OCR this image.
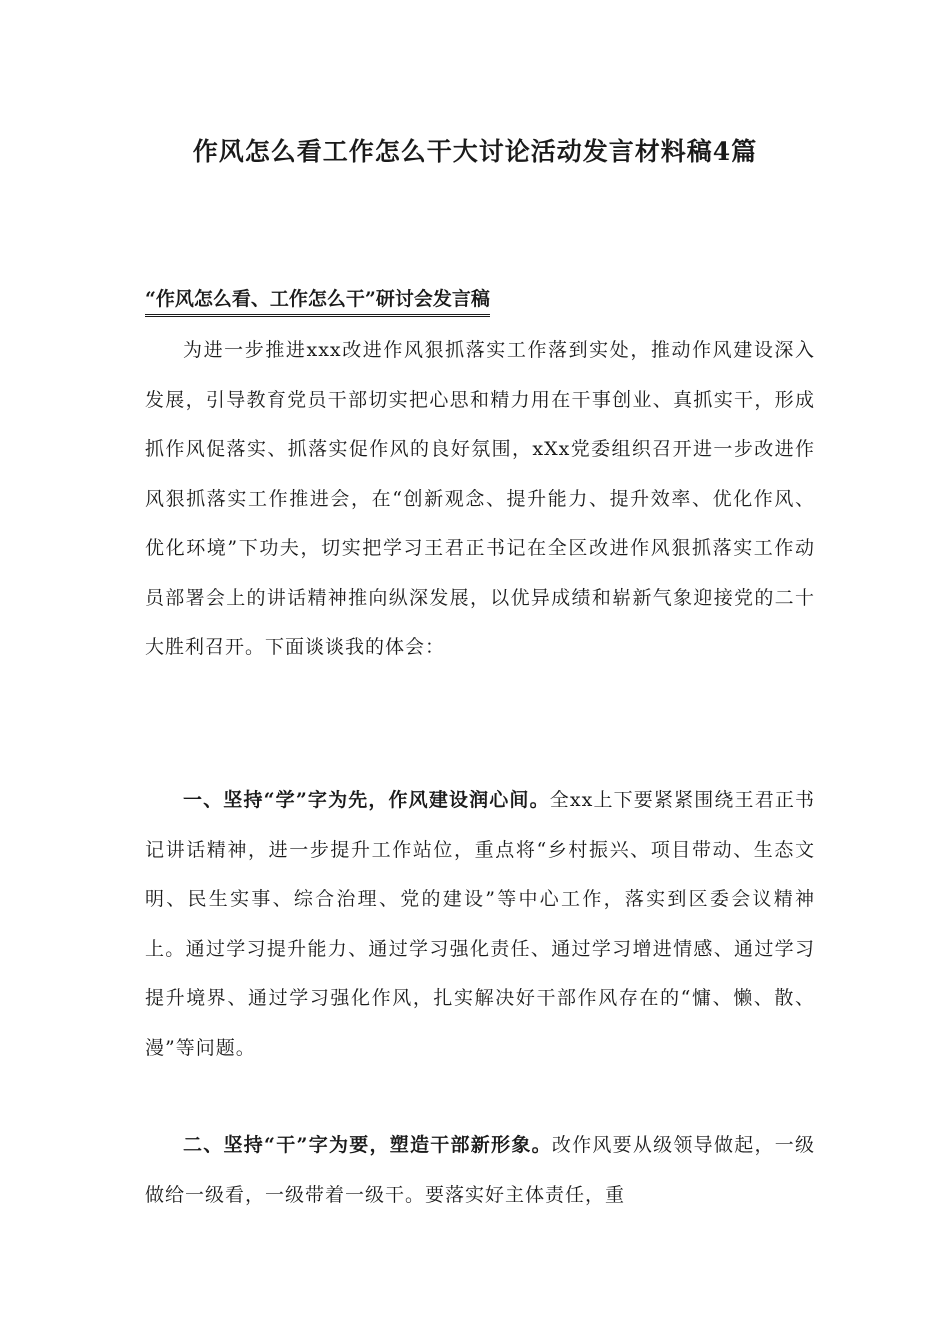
作风怎么看工作怎么干大讨论活动发言材料稿4篇
“作风怎么看、工作怎么干”研讨会发言稿

为进一步推进xxx改进作风狠抓落实工作落到实处，推动作风建设深入发展，引导教育党员干部切实把心思和精力用在干事创业、真抓实干，形成抓作风促落实、抓落实促作风的良好氛围，xXx党委组织召开进一步改进作风狠抓落实工作推进会，在“创新观念、提升能力、提升效率、优化作风、优化环境”下功夫，切实把学习王君正书记在全区改进作风狠抓落实工作动员部署会上的讲话精神推向纵深发展，以优异成绩和崭新气象迎接党的二十大胜利召开。下面谈谈我的体会：

一、坚持“学”字为先，作风建设润心间。全xx上下要紧紧围绕王君正书记讲话精神，进一步提升工作站位，重点将“乡村振兴、项目带动、生态文明、民生实事、综合治理、党的建设”等中心工作，落实到区委会议精神上。通过学习提升能力、通过学习强化责任、通过学习增进情感、通过学习提升境界、通过学习强化作风，扎实解决好干部作风存在的“慵、懒、散、漫”等问题。

二、坚持“干”字为要，塑造干部新形象。改作风要从级领导做起，一级做给一级看，一级带着一级干。要落实好主体责任，重
